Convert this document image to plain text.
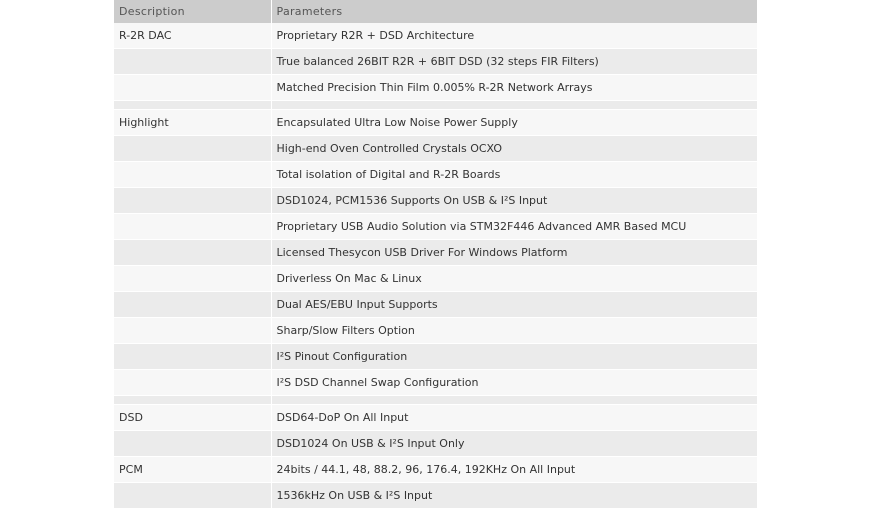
Description	Parameters
R-2R DAC	Proprietary R2R + DSD Architecture
	True balanced 26BIT R2R + 6BIT DSD (32 steps FIR Filters)
	Matched Precision Thin Film 0.005% R-2R Network Arrays

Highlight	Encapsulated Ultra Low Noise Power Supply
	High-end Oven Controlled Crystals OCXO
	Total isolation of Digital and R-2R Boards
	DSD1024, PCM1536 Supports On USB & I²S Input
	Proprietary USB Audio Solution via STM32F446 Advanced AMR Based MCU
	Licensed Thesycon USB Driver For Windows Platform
	Driverless On Mac & Linux
	Dual AES/EBU Input Supports
	Sharp/Slow Filters Option
	I²S Pinout Configuration
	I²S DSD Channel Swap Configuration

DSD	DSD64-DoP On All Input
	DSD1024 On USB & I²S Input Only
PCM	24bits / 44.1, 48, 88.2, 96, 176.4, 192KHz On All Input
	1536kHz On USB & I²S Input
